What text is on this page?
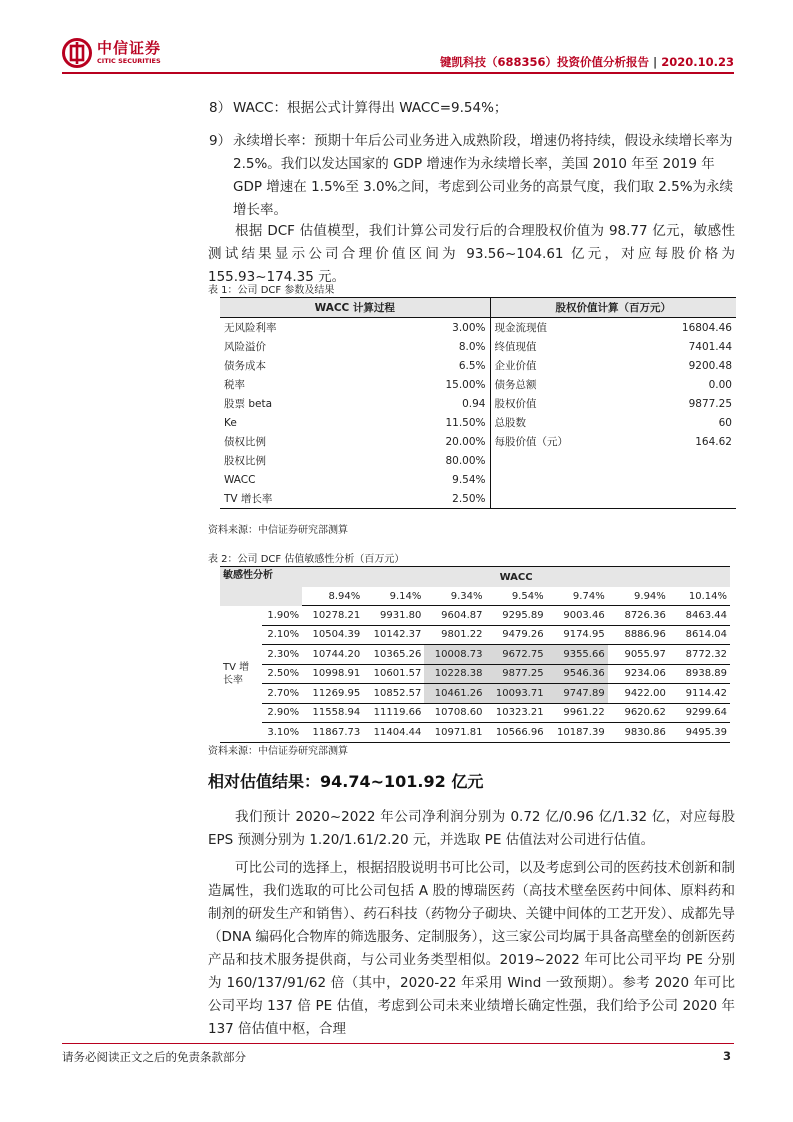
中信证券
CITIC SECURITIES	键凯科技（688356）投资价值分析报告 | 2020.10.23
8） WACC：根据公式计算得出 WACC=9.54%；
9） 永续增长率：预期十年后公司业务进入成熟阶段，增速仍将持续，假设永续增长率为 2.5%。我们以发达国家的 GDP 增速作为永续增长率，美国 2010 年至 2019 年 GDP 增速在 1.5%至 3.0%之间，考虑到公司业务的高景气度，我们取 2.5%为永续增长率。
根据 DCF 估值模型，我们计算公司发行后的合理股权价值为 98.77 亿元，敏感性测试结果显示公司合理价值区间为 93.56~104.61 亿元，对应每股价格为 155.93~174.35 元。
表 1：公司 DCF 参数及结果
WACC 计算过程		股权价值计算（百万元）	
无风险利率	3.00%	现金流现值	16804.46
风险溢价	8.0%	终值现值	7401.44
债务成本	6.5%	企业价值	9200.48
税率	15.00%	债务总额	0.00
股票 beta	0.94	股权价值	9877.25
Ke	11.50%	总股数	60
债权比例	20.00%	每股价值（元）	164.62
股权比例	80.00%		
WACC	9.54%		
TV 增长率	2.50%		
资料来源：中信证券研究部测算
表 2：公司 DCF 估值敏感性分析（百万元）
敏感性分析		WACC						
		8.94%	9.14%	9.34%	9.54%	9.74%	9.94%	10.14%
TV 增长率	1.90%	10278.21	9931.80	9604.87	9295.89	9003.46	8726.36	8463.44
	2.10%	10504.39	10142.37	9801.22	9479.26	9174.95	8886.96	8614.04
	2.30%	10744.20	10365.26	10008.73	9672.75	9355.66	9055.97	8772.32
	2.50%	10998.91	10601.57	10228.38	9877.25	9546.36	9234.06	8938.89
	2.70%	11269.95	10852.57	10461.26	10093.71	9747.89	9422.00	9114.42
	2.90%	11558.94	11119.66	10708.60	10323.21	9961.22	9620.62	9299.64
	3.10%	11867.73	11404.44	10971.81	10566.96	10187.39	9830.86	9495.39
资料来源：中信证券研究部测算
相对估值结果：94.74~101.92 亿元
我们预计 2020~2022 年公司净利润分别为 0.72 亿/0.96 亿/1.32 亿，对应每股 EPS 预测分别为 1.20/1.61/2.20 元，并选取 PE 估值法对公司进行估值。
可比公司的选择上，根据招股说明书可比公司，以及考虑到公司的医药技术创新和制造属性，我们选取的可比公司包括 A 股的博瑞医药（高技术壁垒医药中间体、原料药和制剂的研发生产和销售）、药石科技（药物分子砌块、关键中间体的工艺开发）、成都先导（DNA 编码化合物库的筛选服务、定制服务），这三家公司均属于具备高壁垒的创新医药产品和技术服务提供商，与公司业务类型相似。2019~2022 年可比公司平均 PE 分别为 160/137/91/62 倍（其中，2020-22 年采用 Wind 一致预期）。参考 2020 年可比公司平均 137 倍 PE 估值，考虑到公司未来业绩增长确定性强，我们给予公司 2020 年 137 倍估值中枢，合理
请务必阅读正文之后的免责条款部分	3
